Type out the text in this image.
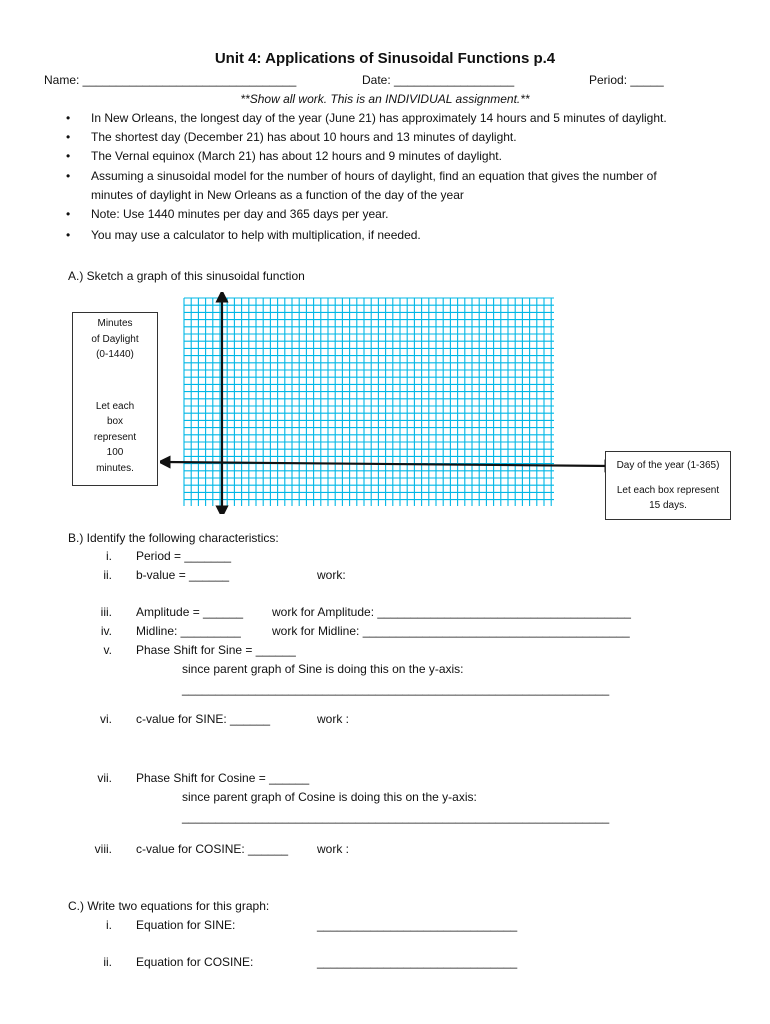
Unit 4: Applications of Sinusoidal Functions p.4
Name: ________________________________	Date: __________________	Period: _____
**Show all work. This is an INDIVIDUAL assignment.**
• In New Orleans, the longest day of the year (June 21) has approximately 14 hours and 5 minutes of daylight.
• The shortest day (December 21) has about 10 hours and 13 minutes of daylight.
• The Vernal equinox (March 21) has about 12 hours and 9 minutes of daylight.
• Assuming a sinusoidal model for the number of hours of daylight, find an equation that gives the number of
minutes of daylight in New Orleans as a function of the day of the year
• Note: Use 1440 minutes per day and 365 days per year.
• You may use a calculator to help with multiplication, if needed.
A.) Sketch a graph of this sinusoidal function
Minutes
of Daylight
(0-1440)
Let each
box
represent
100
minutes.	Day of the year (1-365)
Let each box represent
15 days.
B.) Identify the following characteristics:
i. Period = _______
ii. b-value = ______	work:
iii. Amplitude = ______ work for Amplitude: ______________________________________
iv. Midline: _________	work for Midline: ________________________________________
v. Phase Shift for Sine = ______
since parent graph of Sine is doing this on the y-axis:
________________________________________________________________
vi. c-value for SINE: ______	work :
vii. Phase Shift for Cosine = ______
since parent graph of Cosine is doing this on the y-axis:
________________________________________________________________
viii. c-value for COSINE: ______ work :
C.) Write two equations for this graph:
i. Equation for SINE:	______________________________
ii. Equation for COSINE:	______________________________
